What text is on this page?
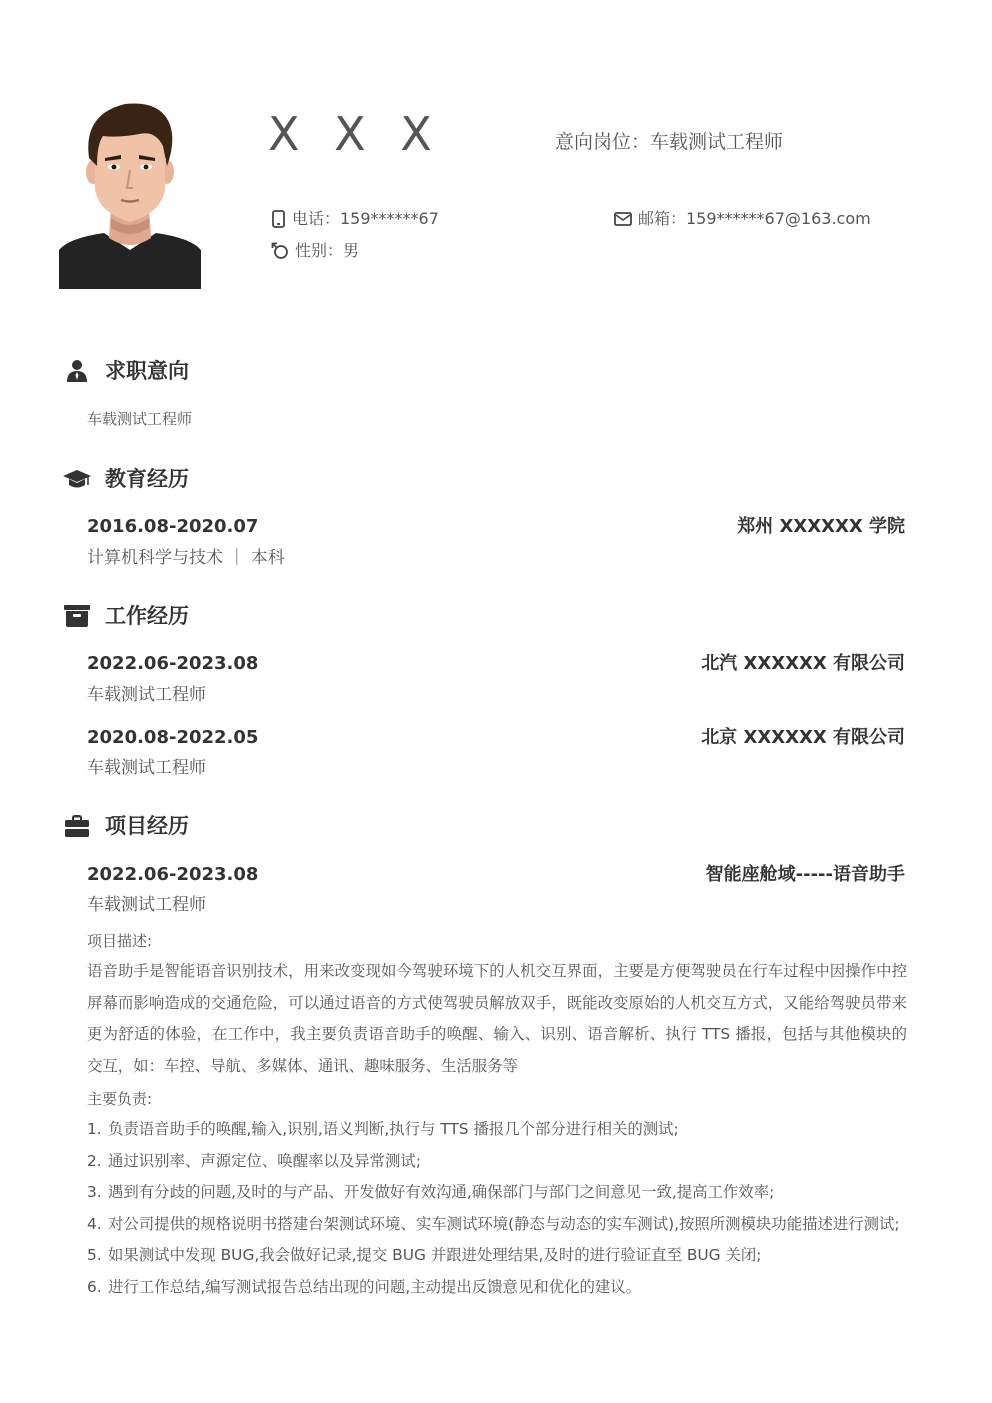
X X X	意向岗位：车载测试工程师
电话：159******67	邮箱：159******67@163.com
性别：男
求职意向
车载测试工程师
教育经历
2016.08-2020.07	郑州 XXXXXX 学院
计算机科学与技术 ｜ 本科
工作经历
2022.06-2023.08	北汽 XXXXXX 有限公司
车载测试工程师
2020.08-2022.05	北京 XXXXXX 有限公司
车载测试工程师
项目经历
2022.06-2023.08	智能座舱域-----语音助手
车载测试工程师
项目描述:
语音助手是智能语音识别技术，用来改变现如今驾驶环境下的人机交互界面，主要是方便驾驶员在行车过程中因操作中控屏幕而影响造成的交通危险，可以通过语音的方式使驾驶员解放双手，既能改变原始的人机交互方式，又能给驾驶员带来更为舒适的体验，在工作中，我主要负责语音助手的唤醒、输入、识别、语音解析、执行 TTS 播报，包括与其他模块的交互，如：车控、导航、多媒体、通讯、趣味服务、生活服务等
主要负责:
1. 负责语音助手的唤醒,输入,识别,语义判断,执行与 TTS 播报几个部分进行相关的测试;
2. 通过识别率、声源定位、唤醒率以及异常测试;
3. 遇到有分歧的问题,及时的与产品、开发做好有效沟通,确保部门与部门之间意见一致,提高工作效率;
4. 对公司提供的规格说明书搭建台架测试环境、实车测试环境(静态与动态的实车测试),按照所测模块功能描述进行测试;
5. 如果测试中发现 BUG,我会做好记录,提交 BUG 并跟进处理结果,及时的进行验证直至 BUG 关闭;
6. 进行工作总结,编写测试报告总结出现的问题,主动提出反馈意见和优化的建议。
